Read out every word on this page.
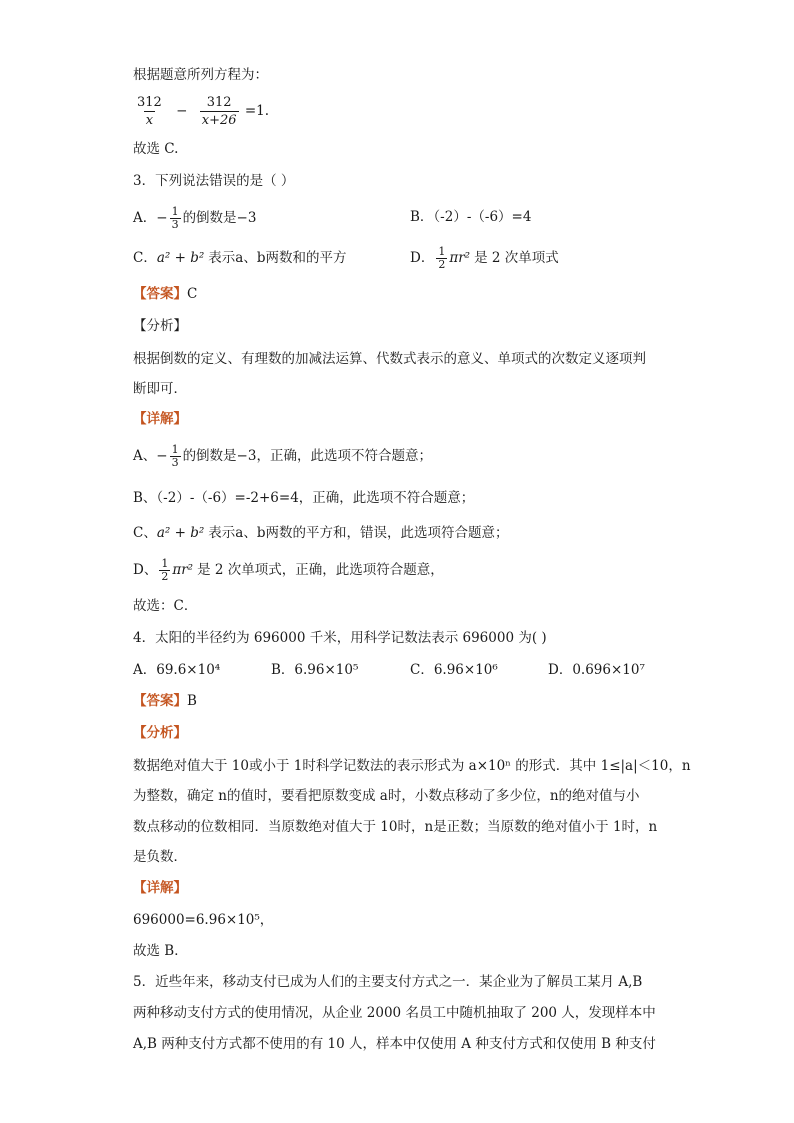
根据题意所列方程为：
$\frac{312}{x} - \frac{312}{x+26} =1$.
故选 C.
3．下列说法错误的是（ ）
A．− $\frac{1}{3}$ 的倒数是−3	B．（-2）-（-6）=4
C．a² + b² 表示a、b两数和的平方	D． $\frac{1}{2} \pi r^2$ 是 2 次单项式
【答案】C
【分析】
根据倒数的定义、有理数的加减法运算、代数式表示的意义、单项式的次数定义逐项判
断即可．
【详解】
A、− $\frac{1}{3}$ 的倒数是−3，正确，此选项不符合题意；
B、（-2）-（-6）=-2+6=4，正确，此选项不符合题意；
C、a² + b² 表示a、b两数的平方和，错误，此选项符合题意；
D、 $\frac{1}{2} \pi r^2$ 是 2 次单项式，正确，此选项符合题意，
故选：C．
4．太阳的半径约为 696000 千米，用科学记数法表示 696000 为( )
A．69.6×10⁴	B．6.96×10⁵	C．6.96×10⁶	D．0.696×10⁷
【答案】B
【分析】
数据绝对值大于 10或小于 1时科学记数法的表示形式为 a×10ⁿ 的形式．其中 1≤|a|＜10，n
为整数，确定 n的值时，要看把原数变成 a时，小数点移动了多少位，n的绝对值与小
数点移动的位数相同．当原数绝对值大于 10时，n是正数；当原数的绝对值小于 1时，n
是负数．
【详解】
696000=6.96×10⁵，
故选 B．
5．近些年来，移动支付已成为人们的主要支付方式之一．某企业为了解员工某月 A,B
两种移动支付方式的使用情况，从企业 2000 名员工中随机抽取了 200 人，发现样本中
A,B 两种支付方式都不使用的有 10 人，样本中仅使用 A 种支付方式和仅使用 B 种支付
